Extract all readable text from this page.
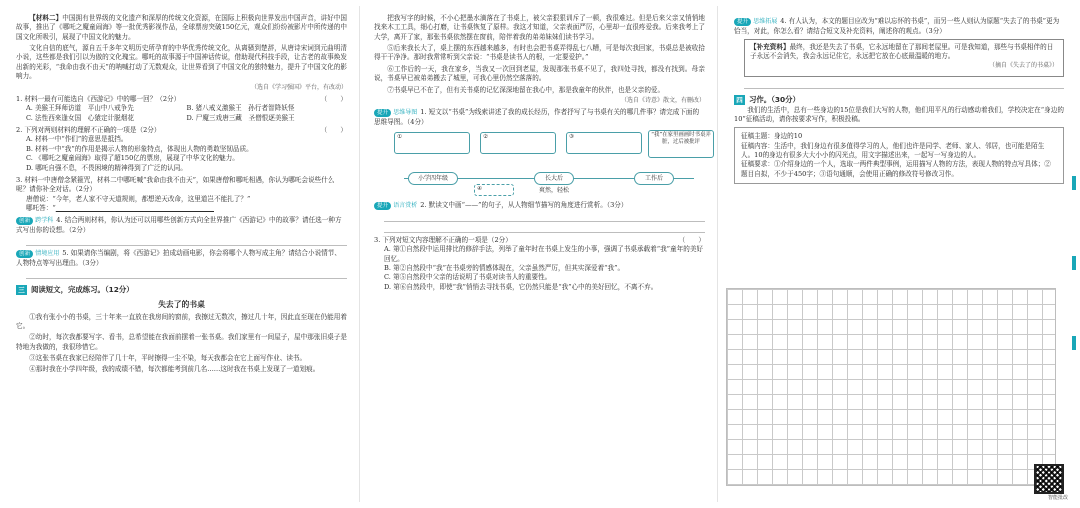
【材料二】中国拥有世界级的文化遗产和深厚的传统文化资源，在国际上积极向世界发出中国声音，讲好中国故事，推出了《哪吒之魔童闹海》等一批优秀影视作品，全球票房突破150亿元，观众们纷纷被影片中所传递的中国文化所吸引，展现了中国文化的魅力。

文化自信的底气，源自五千多年文明历史所孕育的中华优秀传统文化，从离骚到楚辞，从唐诗宋词到元曲明清小说，这些都是我们引以为傲的文化瑰宝。哪吒的故事源于中国神话传说，借助现代科技手段，让古老的故事焕发出新的光彩，“我命由我不由天”的呐喊打动了无数观众，让世界看到了中国文化的独特魅力，提升了中国文化的影响力。

（选自《学习强国》平台，有改动）
（　　）
1. 材料一最有可能选自《西游记》中的哪一回？（2分）
A. 美猴王拜师访道　平山中八戒争先	B. 猪八戒义激猴王　孙行者智降妖怪
C. 法性西来逢女国　心猿定计脱烟花	D. 尸魔三戏唐三藏　圣僧恨逐美猴王
（　　）
2. 下列对两则材料的理解不正确的一项是（2分）
A. 材料一中“作们”的意思是抵挡。
B. 材料一中“我”的作用是揭示人物的形象特点，体现出人物的勇敢坚韧品质。
C. 《哪吒之魔童闹海》取得了超150亿的票房，展现了中华文化的魅力。
D. 哪吒自强不息，不畏困境的精神得到了广泛的认同。
3. 材料一中唐僧念紧箍咒，材料二中哪吒喊“我命由我不由天”，如果唐僧和哪吒相遇，你认为哪吒会说些什么呢？请你补全对话。（2分）
唐僧说：“今年，老人家不守天道规则，都想逆天改命，这里道岂不能扎了？”
哪吒答：“　　　　　　　　　　　　　　　　　　　　　　　　
创新 跨学科 4. 结合两则材料，你认为还可以用哪些创新方式向全世界推广《西游记》中的故事？请任选一种方式写出你的设想。（2分）
创新 情境应用 5. 如果请你当编剧，将《西游记》拍成动画电影，你会将哪个人物写成主角？请结合小说情节、人物特点等写出理由。（3分）
三 阅读短文，完成练习。（12分）
失去了的书桌

①我有张小小的书桌，三十年来一直放在我房间的窗前，我擦过无数次，擦过几十年，因此直至现在仍能用着它。

②幼时，每次我都要写字、看书，总希望能在我面前摆着一张书桌。我们家里有一间屋子，屋中那张旧桌子是特地为我做的，我很珍惜它。

③这张书桌在我家已经陪伴了几十年，平时擦得一尘不染，每天我都会在它上面写作业、读书。

④那时我在小学四年级，我的成绩不错，每次都能考到前几名……这时我在书桌上发现了一道划痕。

把我写字的时候，不小心把墨水滴落在了书桌上，被父亲狠狠训斥了一顿，我很难过。但是后来父亲又悄悄地找来木工工具，细心打磨，让书桌恢复了原样。我这才知道，父亲表面严厉，心里却一直很疼爱我。后来我考上了大学，离开了家，那张书桌依然摆在窗前，陪伴着我的弟弟妹妹们读书学习。

⑤后来我长大了，桌上摆的东西越来越多，有时也会把书桌弄得乱七八糟，可是每次我回家，书桌总是被收拾得干干净净。那时我常常听到父亲说：“书桌是读书人的根，一定要爱护。”

⑥工作后的一天，我在家乡，当我又一次回到老屋，发现那张书桌不见了，我四处寻找，都没有找到。母亲说，书桌早已被弟弟搬去了城里，可我心里仍然空落落的。

⑦书桌早已不在了，但有关书桌的记忆深深地留在我心中，那是我童年的伙伴，也是父亲的爱。

（选自《诗意》散文，有删改）
提升 思维导图 1. 短文以“书桌”为线索讲述了我的成长经历，作者抒写了与书桌有关的哪几件事？请完成下面的思维导图。（4分）
①	②	③	“我”在家里画画时书桌弄脏，过后被批评
小学四年级	长大后	工作后
④	爽然，轻松
提升 语言赏析 2. 默读文中画“——”的句子，从人物细节描写的角度进行赏析。（3分）
（　　）
3. 下列对短文内容理解不正确的一项是（2分）
A. 第①自然段中运用排比的修辞手法，列举了童年时在书桌上发生的小事，强调了书桌承载着“我”童年的美好回忆。
B. 第②自然段中“我”在书桌旁的情感体现在，父亲虽然严厉，但其实深爱着“我”。
C. 第⑤自然段中父亲的话说明了书桌对读书人的重要性。
D. 第⑥自然段中，即使“我”悄悄去寻找书桌，它仍然只能是“我”心中的美好回忆，不离不弃。
提升 思维拓展 4. 有人认为，本文的题目应改为“难以忘怀的书桌”，而另一些人则认为原题“失去了的书桌”更为恰当，对此，你怎么看？请结合短文及补充资料，阐述你的观点。（3分）
【补充资料】最终，我还是失去了书桌，它永远地留在了那间老屋里。可是我知道，那些与书桌相伴的日子永远不会消失，我会永远记住它，永远把它放在心底最温暖的地方。
（摘自《失去了的书桌》）
四 习作。（30分）

我们的生活中，总有一些身边的15位是我们大写的人物，他们用平凡的行动感动着我们，学校决定在“身边的10”征稿活动，请你按要求写作，积极投稿。

征稿主题：身边的10
征稿内容：生活中，我们身边有很多值得学习的人，他们也许是同学、老师、家人、邻居，也可能是陌生人。10的身边有很多大大小小的闪光点，用文字描述出来，一起写一写身边的人。
征稿要求：①介绍身边的一个人，选取一两件典型事例，运用描写人物的方法，表现人物的特点写具体；②题目自拟，不少于450字；③语句通顺，会使用正确的修改符号修改习作。
智能批改
